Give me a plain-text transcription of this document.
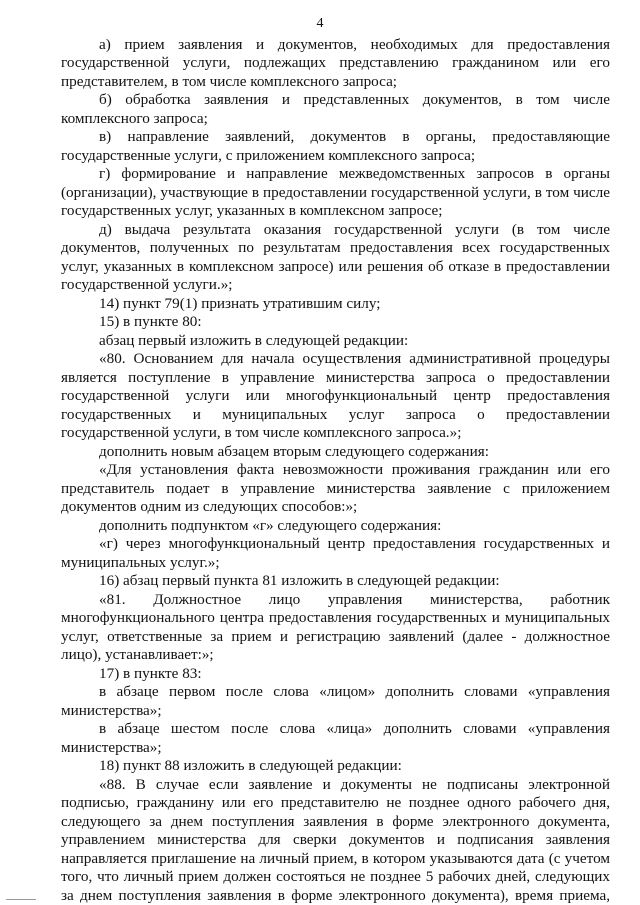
4
а) прием заявления и документов, необходимых для предоставления
государственной услуги, подлежащих представлению гражданином или его
представителем, в том числе комплексного запроса;
б) обработка заявления и представленных документов, в том числе
комплексного запроса;
в) направление заявлений, документов в органы, предоставляющие
государственные услуги, с приложением комплексного запроса;
г) формирование и направление межведомственных запросов в органы
(организации), участвующие в предоставлении государственной услуги, в том числе
государственных услуг, указанных в комплексном запросе;
д) выдача результата оказания государственной услуги (в том числе
документов, полученных по результатам предоставления всех государственных
услуг, указанных в комплексном запросе) или решения об отказе в предоставлении
государственной услуги.»;
14) пункт 79(1) признать утратившим силу;
15) в пункте 80:
абзац первый изложить в следующей редакции:
«80. Основанием для начала осуществления административной процедуры
является поступление в управление министерства запроса о предоставлении
государственной услуги или многофункциональный центр предоставления
государственных и муниципальных услуг запроса о предоставлении
государственной услуги, в том числе комплексного запроса.»;
дополнить новым абзацем вторым следующего содержания:
«Для установления факта невозможности проживания гражданин или его
представитель подает в управление министерства заявление с приложением
документов одним из следующих способов:»;
дополнить подпунктом «г» следующего содержания:
«г) через многофункциональный центр предоставления государственных и
муниципальных услуг.»;
16) абзац первый пункта 81 изложить в следующей редакции:
«81. Должностное лицо управления министерства, работник
многофункционального центра предоставления государственных и муниципальных
услуг, ответственные за прием и регистрацию заявлений (далее - должностное
лицо), устанавливает:»;
17) в пункте 83:
в абзаце первом после слова «лицом» дополнить словами «управления
министерства»;
в абзаце шестом после слова «лица» дополнить словами «управления
министерства»;
18) пункт 88 изложить в следующей редакции:
«88. В случае если заявление и документы не подписаны электронной
подписью, гражданину или его представителю не позднее одного рабочего дня,
следующего за днем поступления заявления в форме электронного документа,
управлением министерства для сверки документов и подписания заявления
направляется приглашение на личный прием, в котором указываются дата (с учетом
того, что личный прием должен состояться не позднее 5 рабочих дней, следующих
за днем поступления заявления в форме электронного документа), время приема,
